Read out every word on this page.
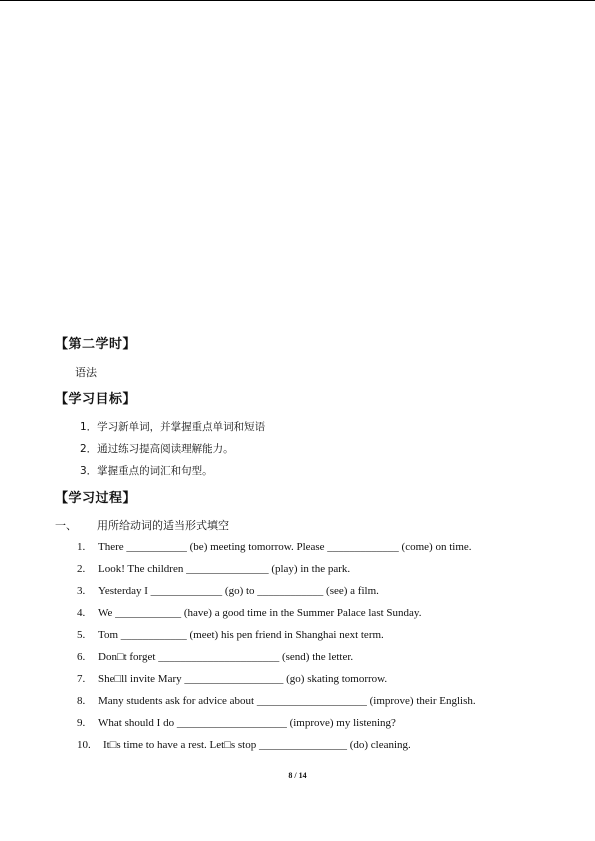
【第二学时】
语法
【学习目标】
1．学习新单词，并掌握重点单词和短语
2．通过练习提高阅读理解能力。
3．掌握重点的词汇和句型。
【学习过程】
一、 用所给动词的适当形式填空
1. There ___________ (be) meeting tomorrow. Please _____________ (come) on time.
2. Look! The children _______________ (play) in the park.
3. Yesterday I _____________ (go) to ____________ (see) a film.
4. We ____________ (have) a good time in the Summer Palace last Sunday.
5. Tom ____________ (meet) his pen friend in Shanghai next term.
6. Don□t forget ______________________ (send) the letter.
7. She□ll invite Mary __________________ (go) skating tomorrow.
8. Many students ask for advice about ____________________ (improve) their English.
9. What should I do ____________________ (improve) my listening?
10. It□s time to have a rest. Let□s stop ________________ (do) cleaning.
8 / 14
